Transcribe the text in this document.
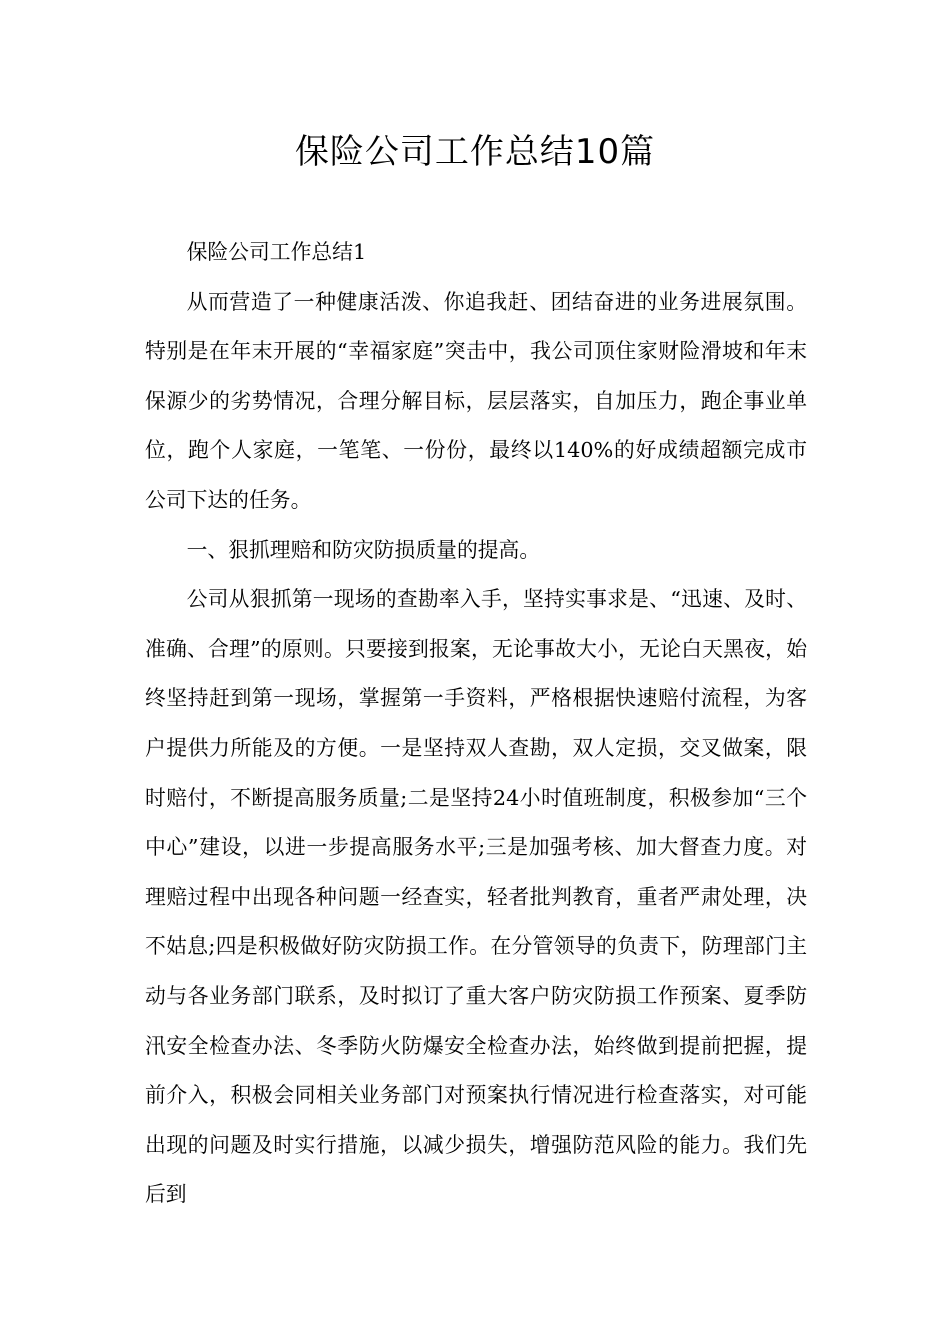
保险公司工作总结10篇

保险公司工作总结1

从而营造了一种健康活泼、你追我赶、团结奋进的业务进展氛围。特别是在年末开展的“幸福家庭”突击中，我公司顶住家财险滑坡和年末保源少的劣势情况，合理分解目标，层层落实，自加压力，跑企事业单位，跑个人家庭，一笔笔、一份份，最终以140%的好成绩超额完成市公司下达的任务。

一、狠抓理赔和防灾防损质量的提高。

公司从狠抓第一现场的查勘率入手，坚持实事求是、“迅速、及时、准确、合理”的原则。只要接到报案，无论事故大小，无论白天黑夜，始终坚持赶到第一现场，掌握第一手资料，严格根据快速赔付流程，为客户提供力所能及的方便。一是坚持双人查勘，双人定损，交叉做案，限时赔付，不断提高服务质量;二是坚持24小时值班制度，积极参加“三个中心”建设，以进一步提高服务水平;三是加强考核、加大督查力度。对理赔过程中出现各种问题一经查实，轻者批判教育，重者严肃处理，决不姑息;四是积极做好防灾防损工作。在分管领导的负责下，防理部门主动与各业务部门联系，及时拟订了重大客户防灾防损工作预案、夏季防汛安全检查办法、冬季防火防爆安全检查办法，始终做到提前把握，提前介入，积极会同相关业务部门对预案执行情况进行检查落实，对可能出现的问题及时实行措施，以减少损失，增强防范风险的能力。我们先后到
